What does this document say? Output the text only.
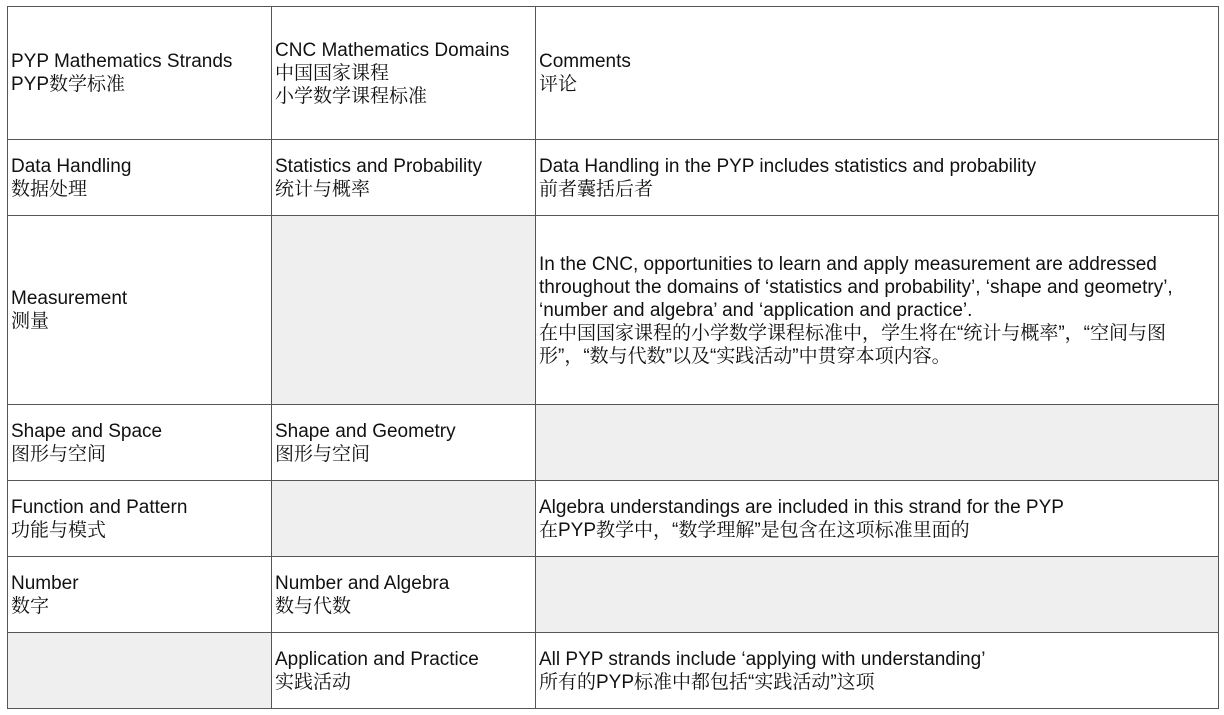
PYP Mathematics Strands
PYP数学标准	CNC Mathematics Domains
中国国家课程
小学数学课程标准	Comments
评论

Data Handling
数据处理	Statistics and Probability
统计与概率	Data Handling in the PYP includes statistics and probability
前者囊括后者

Measurement
测量		In the CNC, opportunities to learn and apply measurement are addressed throughout the domains of ‘statistics and probability’, ‘shape and geometry’, ‘number and algebra’ and ‘application and practice’.
在中国国家课程的小学数学课程标准中，学生将在“统计与概率”，“空间与图形”，“数与代数”以及“实践活动”中贯穿本项内容。

Shape and Space
图形与空间	Shape and Geometry
图形与空间	

Function and Pattern
功能与模式		Algebra understandings are included in this strand for the PYP
在PYP教学中，“数学理解”是包含在这项标准里面的

Number
数字	Number and Algebra
数与代数	

	Application and Practice
实践活动	All PYP strands include ‘applying with understanding’
所有的PYP标准中都包括“实践活动”这项
